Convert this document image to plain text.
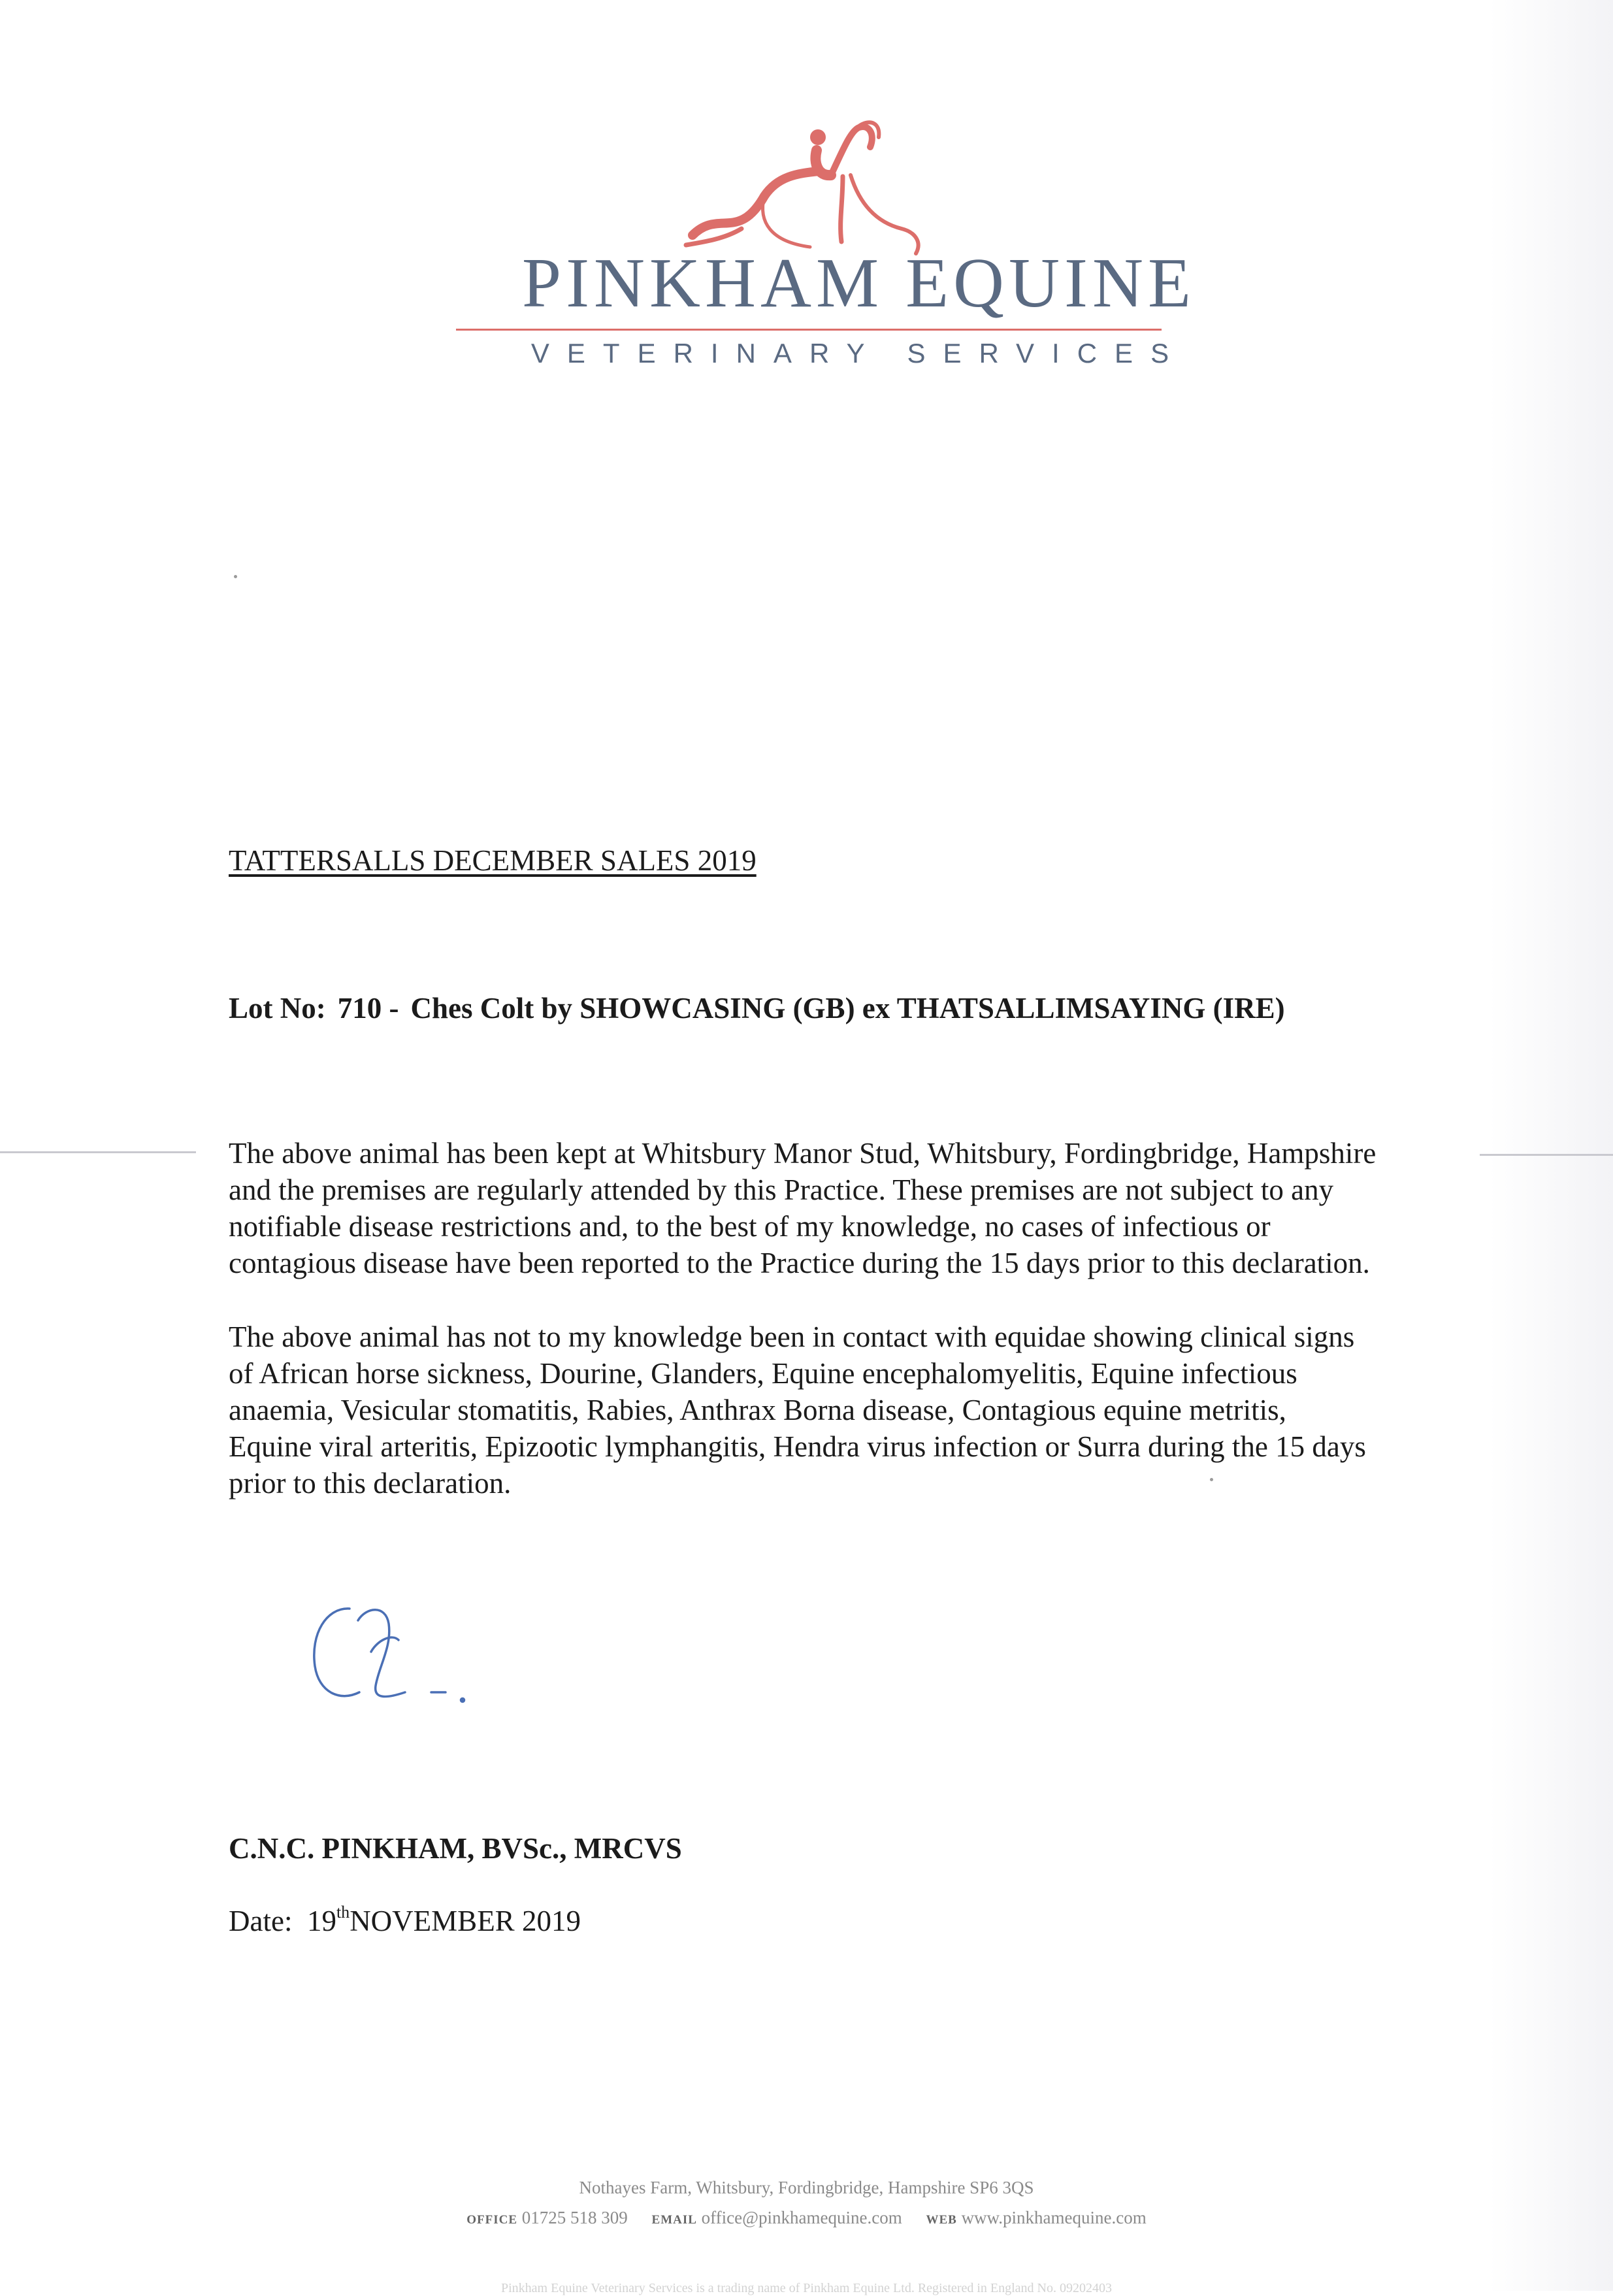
PINKHAM EQUINE
VETERINARY SERVICES
TATTERSALLS DECEMBER SALES 2019
Lot No: 710 - Ches Colt by SHOWCASING (GB) ex THATSALLIMSAYING (IRE)
The above animal has been kept at Whitsbury Manor Stud, Whitsbury, Fordingbridge, Hampshire
and the premises are regularly attended by this Practice. These premises are not subject to any
notifiable disease restrictions and, to the best of my knowledge, no cases of infectious or
contagious disease have been reported to the Practice during the 15 days prior to this declaration.
The above animal has not to my knowledge been in contact with equidae showing clinical signs
of African horse sickness, Dourine, Glanders, Equine encephalomyelitis, Equine infectious
anaemia, Vesicular stomatitis, Rabies, Anthrax Borna disease, Contagious equine metritis,
Equine viral arteritis, Epizootic lymphangitis, Hendra virus infection or Surra during the 15 days
prior to this declaration.
C.N.C. PINKHAM, BVSc., MRCVS
Date: 19thNOVEMBER 2019
Nothayes Farm, Whitsbury, Fordingbridge, Hampshire SP6 3QS
OFFICE 01725 518 309 EMAIL office@pinkhamequine.com WEB www.pinkhamequine.com
Pinkham Equine Veterinary Services is a trading name of Pinkham Equine Ltd. Registered in England No. 09202403
